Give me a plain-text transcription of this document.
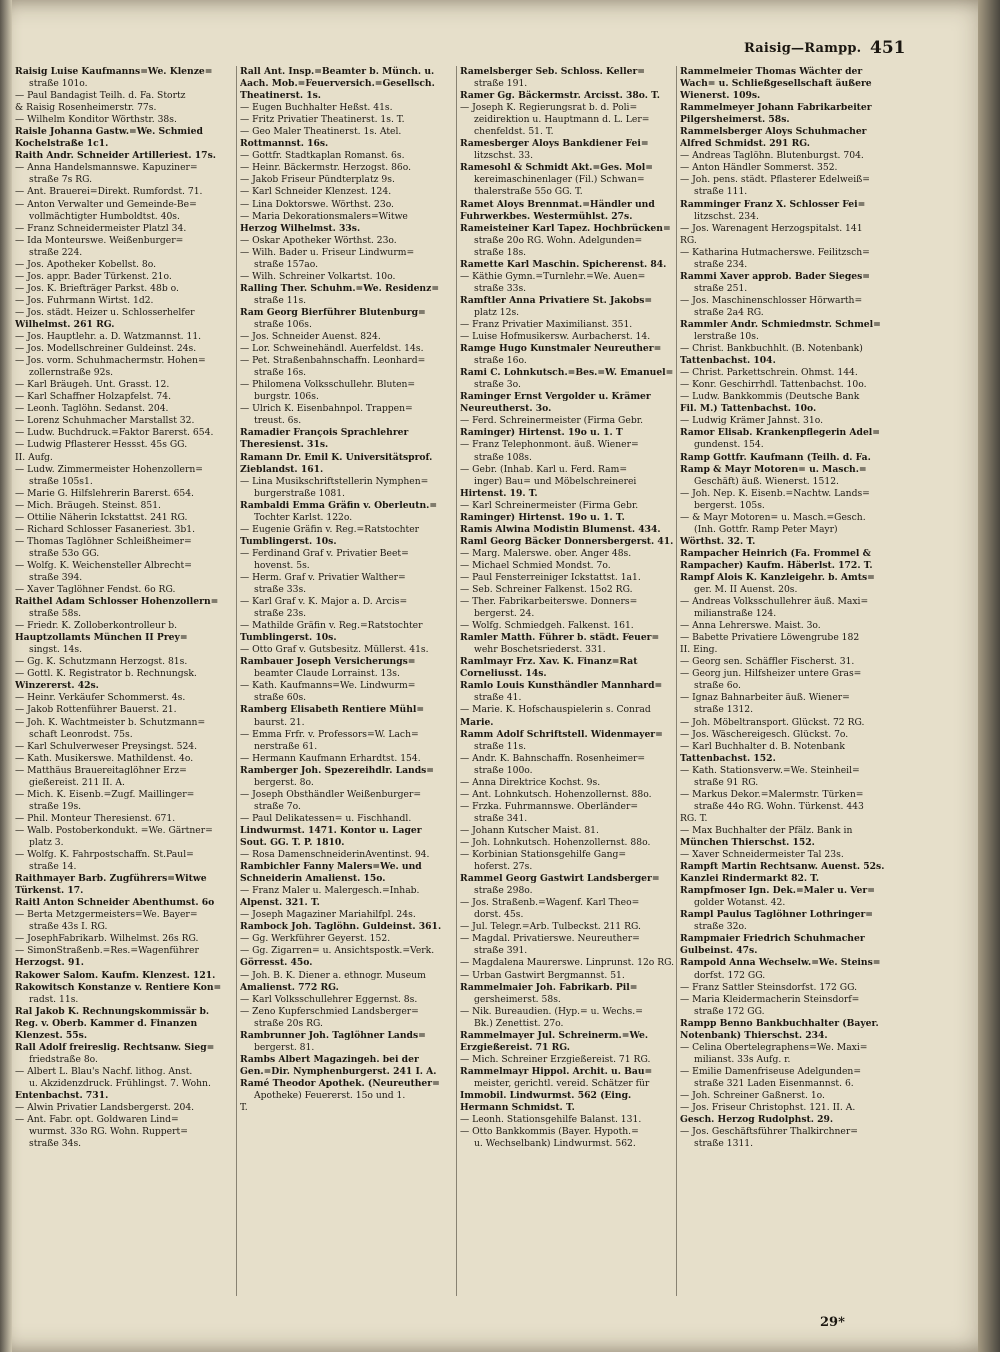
Raisig—Rampp. 451

Raisig Luise Kaufmanns=We. Klenze=

straße 101o.

— Paul Bandagist Teilh. d. Fa. Stortz

& Raisig Rosenheimerstr. 77s.

— Wilhelm Konditor Wörthstr. 38s.

Raisle Johanna Gastw.=We. Schmied

Kochelstraße 1c1.

Raith Andr. Schneider Artilleriest. 17s.

— Anna Handelsmannswe. Kapuziner=

straße 7s RG.

— Ant. Brauerei=Direkt. Rumfordst. 71.

— Anton Verwalter und Gemeinde-Be=

vollmächtigter Humboldtst. 40s.

— Franz Schneidermeister Platzl 34.

— Ida Monteurswe. Weißenburger=

straße 224.

— Jos. Apotheker Kobellst. 8o.

— Jos. appr. Bader Türkenst. 21o.

— Jos. K. Briefträger Parkst. 48b o.

— Jos. Fuhrmann Wirtst. 1d2.

— Jos. städt. Heizer u. Schlosserhelfer

Wilhelmst. 261 RG.

— Jos. Hauptlehr. a. D. Watzmannst. 11.

— Jos. Modellschreiner Guldeinst. 24s.

— Jos. vorm. Schuhmachermstr. Hohen=

zollernstraße 92s.

— Karl Bräugeh. Unt. Grasst. 12.

— Karl Schaffner Holzapfelst. 74.

— Leonh. Taglöhn. Sedanst. 204.

— Lorenz Schuhmacher Marstallst 32.

— Ludw. Buchdruck.=Faktor Barerst. 654.

— Ludwig Pflasterer Hessst. 45s GG.

II. Aufg.

— Ludw. Zimmermeister Hohenzollern=

straße 105s1.

— Marie G. Hilfslehrerin Barerst. 654.

— Mich. Bräugeh. Steinst. 851.

— Ottilie Näherin Ickstattst. 241 RG.

— Richard Schlosser Fasaneriest. 3b1.

— Thomas Taglöhner Schleißheimer=

straße 53o GG.

— Wolfg. K. Weichensteller Albrecht=

straße 394.

— Xaver Taglöhner Fendst. 6o RG.

Raithel Adam Schlosser Hohenzollern=

straße 58s.

— Friedr. K. Zolloberkontrolleur b.

Hauptzollamts München II Prey=

singst. 14s.

— Gg. K. Schutzmann Herzogst. 81s.

— Gottl. K. Registrator b. Rechnungsk.

Winzererst. 42s.

— Heinr. Verkäufer Schommerst. 4s.

— Jakob Rottenführer Bauerst. 21.

— Joh. K. Wachtmeister b. Schutzmann=

schaft Leonrodst. 75s.

— Karl Schulverweser Preysingst. 524.

— Kath. Musikerswe. Mathildenst. 4o.

— Matthäus Brauereitaglöhner Erz=

gießereist. 211 II. A.

— Mich. K. Eisenb.=Zugf. Maillinger=

straße 19s.

— Phil. Monteur Theresienst. 671.

— Walb. Postoberkondukt. =We. Gärtner=

platz 3.

— Wolfg. K. Fahrpostschaffn. St.Paul=

straße 14.

Raithmayer Barb. Zugführers=Witwe

Türkenst. 17.

Raitl Anton Schneider Abenthumst. 6o

— Berta Metzgermeisters=We. Bayer=

straße 43s I. RG.

— JosephFabrikarb. Wilhelmst. 26s RG.

— SimonStraßenb.=Res.=Wagenführer

Herzogst. 91.

Rakower Salom. Kaufm. Klenzest. 121.

Rakowitsch Konstanze v. Rentiere Kon=

radst. 11s.

Ral Jakob K. Rechnungskommissär b.

Reg. v. Oberb. Kammer d. Finanzen

Klenzest. 55s.

Rall Adolf freireslig. Rechtsanw. Sieg=

friedstraße 8o.

— Albert L. Blau's Nachf. lithog. Anst.

u. Akzidenzdruck. Frühlingst. 7. Wohn.

Entenbachst. 731.

— Alwin Privatier Landsbergerst. 204.

— Ant. Fabr. opt. Goldwaren Lind=

wurmst. 33o RG. Wohn. Ruppert=

straße 34s.

Rall Ant. Insp.=Beamter b. Münch. u.

Aach. Mob.=Feuerversich.=Gesellsch.

Theatinerst. 1s.

— Eugen Buchhalter Heßst. 41s.

— Fritz Privatier Theatinerst. 1s. T.

— Geo Maler Theatinerst. 1s. Atel.

Rottmannst. 16s.

— Gottfr. Stadtkaplan Romanst. 6s.

— Heinr. Bäckermstr. Herzogst. 86o.

— Jakob Friseur Pündterplatz 9s.

— Karl Schneider Klenzest. 124.

— Lina Doktorswe. Wörthst. 23o.

— Maria Dekorationsmalers=Witwe

Herzog Wilhelmst. 33s.

— Oskar Apotheker Wörthst. 23o.

— Wilh. Bader u. Friseur Lindwurm=

straße 157ao.

— Wilh. Schreiner Volkartst. 10o.

Ralling Ther. Schuhm.=We. Residenz=

straße 11s.

Ram Georg Bierführer Blutenburg=

straße 106s.

— Jos. Schneider Auenst. 824.

— Lor. Schweinehändl. Auerfeldst. 14s.

— Pet. Straßenbahnschaffn. Leonhard=

straße 16s.

— Philomena Volksschullehr. Bluten=

burgstr. 106s.

— Ulrich K. Eisenbahnpol. Trappen=

treust. 6s.

Ramadier François Sprachlehrer

Theresienst. 31s.

Ramann Dr. Emil K. Universitätsprof.

Zieblandst. 161.

— Lina Musikschriftstellerin Nymphen=

burgerstraße 1081.

Rambaldi Emma Gräfin v. Oberleutn.=

Tochter Karlst. 122o.

— Eugenie Gräfin v. Reg.=Ratstochter

Tumblingerst. 10s.

— Ferdinand Graf v. Privatier Beet=

hovenst. 5s.

— Herm. Graf v. Privatier Walther=

straße 33s.

— Karl Graf v. K. Major a. D. Arcis=

straße 23s.

— Mathilde Gräfin v. Reg.=Ratstochter

Tumblingerst. 10s.

— Otto Graf v. Gutsbesitz. Müllerst. 41s.

Rambauer Joseph Versicherungs=

beamter Claude Lorrainst. 13s.

— Kath. Kaufmanns=We. Lindwurm=

straße 60s.

Ramberg Elisabeth Rentiere Mühl=

baurst. 21.

— Emma Frfr. v. Professors=W. Lach=

nerstraße 61.

— Hermann Kaufmann Erhardtst. 154.

Ramberger Joh. Spezereihdlr. Lands=

bergerst. 8o.

— Joseph Obsthändler Weißenburger=

straße 7o.

— Paul Delikatessen= u. Fischhandl.

Lindwurmst. 1471. Kontor u. Lager

Sout. GG. T. P. 1810.

— Rosa DamenschneiderinAventinst. 94.

Rambichler Fanny Malers=We. und

Schneiderin Amalienst. 15o.

— Franz Maler u. Malergesch.=Inhab.

Alpenst. 321. T.

— Joseph Magaziner Mariahilfpl. 24s.

Rambock Joh. Taglöhn. Guldeinst. 361.

— Gg. Werkführer Geyerst. 152.

— Gg. Zigarren= u. Ansichtspostk.=Verk.

Görresst. 45o.

— Joh. B. K. Diener a. ethnogr. Museum

Amalienst. 772 RG.

— Karl Volksschullehrer Eggernst. 8s.

— Zeno Kupferschmied Landsberger=

straße 20s RG.

Rambrunner Joh. Taglöhner Lands=

bergerst. 81.

Rambs Albert Magazingeh. bei der

Gen.=Dir. Nymphenburgerst. 241 I. A.

Ramé Theodor Apothek. (Neureuther=

Apotheke) Feuererst. 15o und 1.

T.

Ramelsberger Seb. Schloss. Keller=

straße 191.

Ramer Gg. Bäckermstr. Arcisst. 38o. T.

— Joseph K. Regierungsrat b. d. Poli=

zeidirektion u. Hauptmann d. L. Ler=

chenfeldst. 51. T.

Ramesberger Aloys Bankdiener Fei=

litzschst. 33.

Ramesohl & Schmidt Akt.=Ges. Mol=

kereimaschinenlager (Fil.) Schwan=

thalerstraße 55o GG. T.

Ramet Aloys Brennmat.=Händler und

Fuhrwerkbes. Westermühlst. 27s.

Rameisteiner Karl Tapez. Hochbrücken=

straße 20o RG. Wohn. Adelgunden=

straße 18s.

Ramette Karl Maschin. Spicherenst. 84.

— Käthie Gymn.=Turnlehr.=We. Auen=

straße 33s.

Ramftler Anna Privatiere St. Jakobs=

platz 12s.

— Franz Privatier Maximilianst. 351.

— Luise Hofmusikersw. Aurbacherst. 14.

Ramge Hugo Kunstmaler Neureuther=

straße 16o.

Rami C. Lohnkutsch.=Bes.=W. Emanuel=

straße 3o.

Raminger Ernst Vergolder u. Krämer

Neureutherst. 3o.

— Ferd. Schreinermeister (Firma Gebr.

Raminger) Hirtenst. 19o u. 1. T

— Franz Telephonmont. äuß. Wiener=

straße 108s.

— Gebr. (Inhab. Karl u. Ferd. Ram=

inger) Bau= und Möbelschreinerei

Hirtenst. 19. T.

— Karl Schreinermeister (Firma Gebr.

Raminger) Hirtenst. 19o u. 1. T.

Ramis Alwina Modistin Blumenst. 434.

Raml Georg Bäcker Donnersbergerst. 41.

— Marg. Malerswe. ober. Anger 48s.

— Michael Schmied Mondst. 7o.

— Paul Fensterreiniger Ickstattst. 1a1.

— Seb. Schreiner Falkenst. 15o2 RG.

— Ther. Fabrikarbeiterswe. Donners=

bergerst. 24.

— Wolfg. Schmiedgeh. Falkenst. 161.

Ramler Matth. Führer b. städt. Feuer=

wehr Boschetsriederst. 331.

Ramlmayr Frz. Xav. K. Finanz=Rat

Corneliusst. 14s.

Ramlo Louis Kunsthändler Mannhard=

straße 41.

— Marie. K. Hofschauspielerin s. Conrad

Marie.

Ramm Adolf Schriftstell. Widenmayer=

straße 11s.

— Andr. K. Bahnschaffn. Rosenheimer=

straße 100o.

— Anna Direktrice Kochst. 9s.

— Ant. Lohnkutsch. Hohenzollernst. 88o.

— Frzka. Fuhrmannswe. Oberländer=

straße 341.

— Johann Kutscher Maist. 81.

— Joh. Lohnkutsch. Hohenzollernst. 88o.

— Korbinian Stationsgehilfe Gang=

hoferst. 27s.

Rammel Georg Gastwirt Landsberger=

straße 298o.

— Jos. Straßenb.=Wagenf. Karl Theo=

dorst. 45s.

— Jul. Telegr.=Arb. Tulbeckst. 211 RG.

— Magdal. Privatierswe. Neureuther=

straße 391.

— Magdalena Maurerswe. Linprunst. 12o RG.

— Urban Gastwirt Bergmannst. 51.

Rammelmaier Joh. Fabrikarb. Pil=

gersheimerst. 58s.

— Nik. Bureaudien. (Hyp.= u. Wechs.=

Bk.) Zenettist. 27o.

Rammelmayer Jul. Schreinerm.=We.

Erzgießereist. 71 RG.

— Mich. Schreiner Erzgießereist. 71 RG.

Rammelmayr Hippol. Archit. u. Bau=

meister, gerichtl. vereid. Schätzer für

Immobil. Lindwurmst. 562 (Eing.

Hermann Schmidst. T.

— Leonh. Stationsgehilfe Balanst. 131.

— Otto Bankkommis (Bayer. Hypoth.=

u. Wechselbank) Lindwurmst. 562.

Rammelmeier Thomas Wächter der

Wach= u. Schließgesellschaft äußere

Wienerst. 109s.

Rammelmeyer Johann Fabrikarbeiter

Pilgersheimerst. 58s.

Rammelsberger Aloys Schuhmacher

Alfred Schmidst. 291 RG.

— Andreas Taglöhn. Blutenburgst. 704.

— Anton Händler Sommerst. 352.

— Joh. pens. städt. Pflasterer Edelweiß=

straße 111.

Ramminger Franz X. Schlosser Fei=

litzschst. 234.

— Jos. Warenagent Herzogspitalst. 141

RG.

— Katharina Hutmacherswe. Feilitzsch=

straße 234.

Rammi Xaver approb. Bader Sieges=

straße 251.

— Jos. Maschinenschlosser Hörwarth=

straße 2a4 RG.

Rammler Andr. Schmiedmstr. Schmel=

lerstraße 10s.

— Christ. Bankbuchhlt. (B. Notenbank)

Tattenbachst. 104.

— Christ. Parkettschrein. Ohmst. 144.

— Konr. Geschirrhdl. Tattenbachst. 10o.

— Ludw. Bankkommis (Deutsche Bank

Fil. M.) Tattenbachst. 10o.

— Ludwig Krämer Jahnst. 31o.

Ramor Elisab. Krankenpflegerin Adel=

gundenst. 154.

Ramp Gottfr. Kaufmann (Teilh. d. Fa.

Ramp & Mayr Motoren= u. Masch.=

Geschäft) äuß. Wienerst. 1512.

— Joh. Nep. K. Eisenb.=Nachtw. Lands=

bergerst. 105s.

— & Mayr Motoren= u. Masch.=Gesch.

(Inh. Gottfr. Ramp Peter Mayr)

Wörthst. 32. T.

Rampacher Heinrich (Fa. Frommel &

Rampacher) Kaufm. Häberlst. 172. T.

Rampf Alois K. Kanzleigehr. b. Amts=

ger. M. II Auenst. 20s.

— Andreas Volksschullehrer äuß. Maxi=

milianstraße 124.

— Anna Lehrerswe. Maist. 3o.

— Babette Privatiere Löwengrube 182

II. Eing.

— Georg sen. Schäffler Fischerst. 31.

— Georg jun. Hilfsheizer untere Gras=

straße 6o.

— Ignaz Bahnarbeiter äuß. Wiener=

straße 1312.

— Joh. Möbeltransport. Glückst. 72 RG.

— Jos. Wäschereigesch. Glückst. 7o.

— Karl Buchhalter d. B. Notenbank

Tattenbachst. 152.

— Kath. Stationsverw.=We. Steinheil=

straße 91 RG.

— Markus Dekor.=Malermstr. Türken=

straße 44o RG. Wohn. Türkenst. 443

RG. T.

— Max Buchhalter der Pfälz. Bank in

München Thierschst. 152.

— Xaver Schneidermeister Tal 23s.

Rampft Martin Rechtsanw. Auenst. 52s.

Kanzlei Rindermarkt 82. T.

Rampfmoser Ign. Dek.=Maler u. Ver=

golder Wotanst. 42.

Rampl Paulus Taglöhner Lothringer=

straße 32o.

Rampmaier Friedrich Schuhmacher

Gulbeinst. 47s.

Rampold Anna Wechselw.=We. Steins=

dorfst. 172 GG.

— Franz Sattler Steinsdorfst. 172 GG.

— Maria Kleidermacherin Steinsdorf=

straße 172 GG.

Rampp Benno Bankbuchhalter (Bayer.

Notenbank) Thierschst. 234.

— Celina Obertelegraphens=We. Maxi=

milianst. 33s Aufg. r.

— Emilie Damenfriseuse Adelgunden=

straße 321 Laden Eisenmannst. 6.

— Joh. Schreiner Gaßnerst. 1o.

— Jos. Friseur Christophst. 121. II. A.

Gesch. Herzog Rudolphst. 29.

— Jos. Geschäftsführer Thalkirchner=

straße 1311.

29*
